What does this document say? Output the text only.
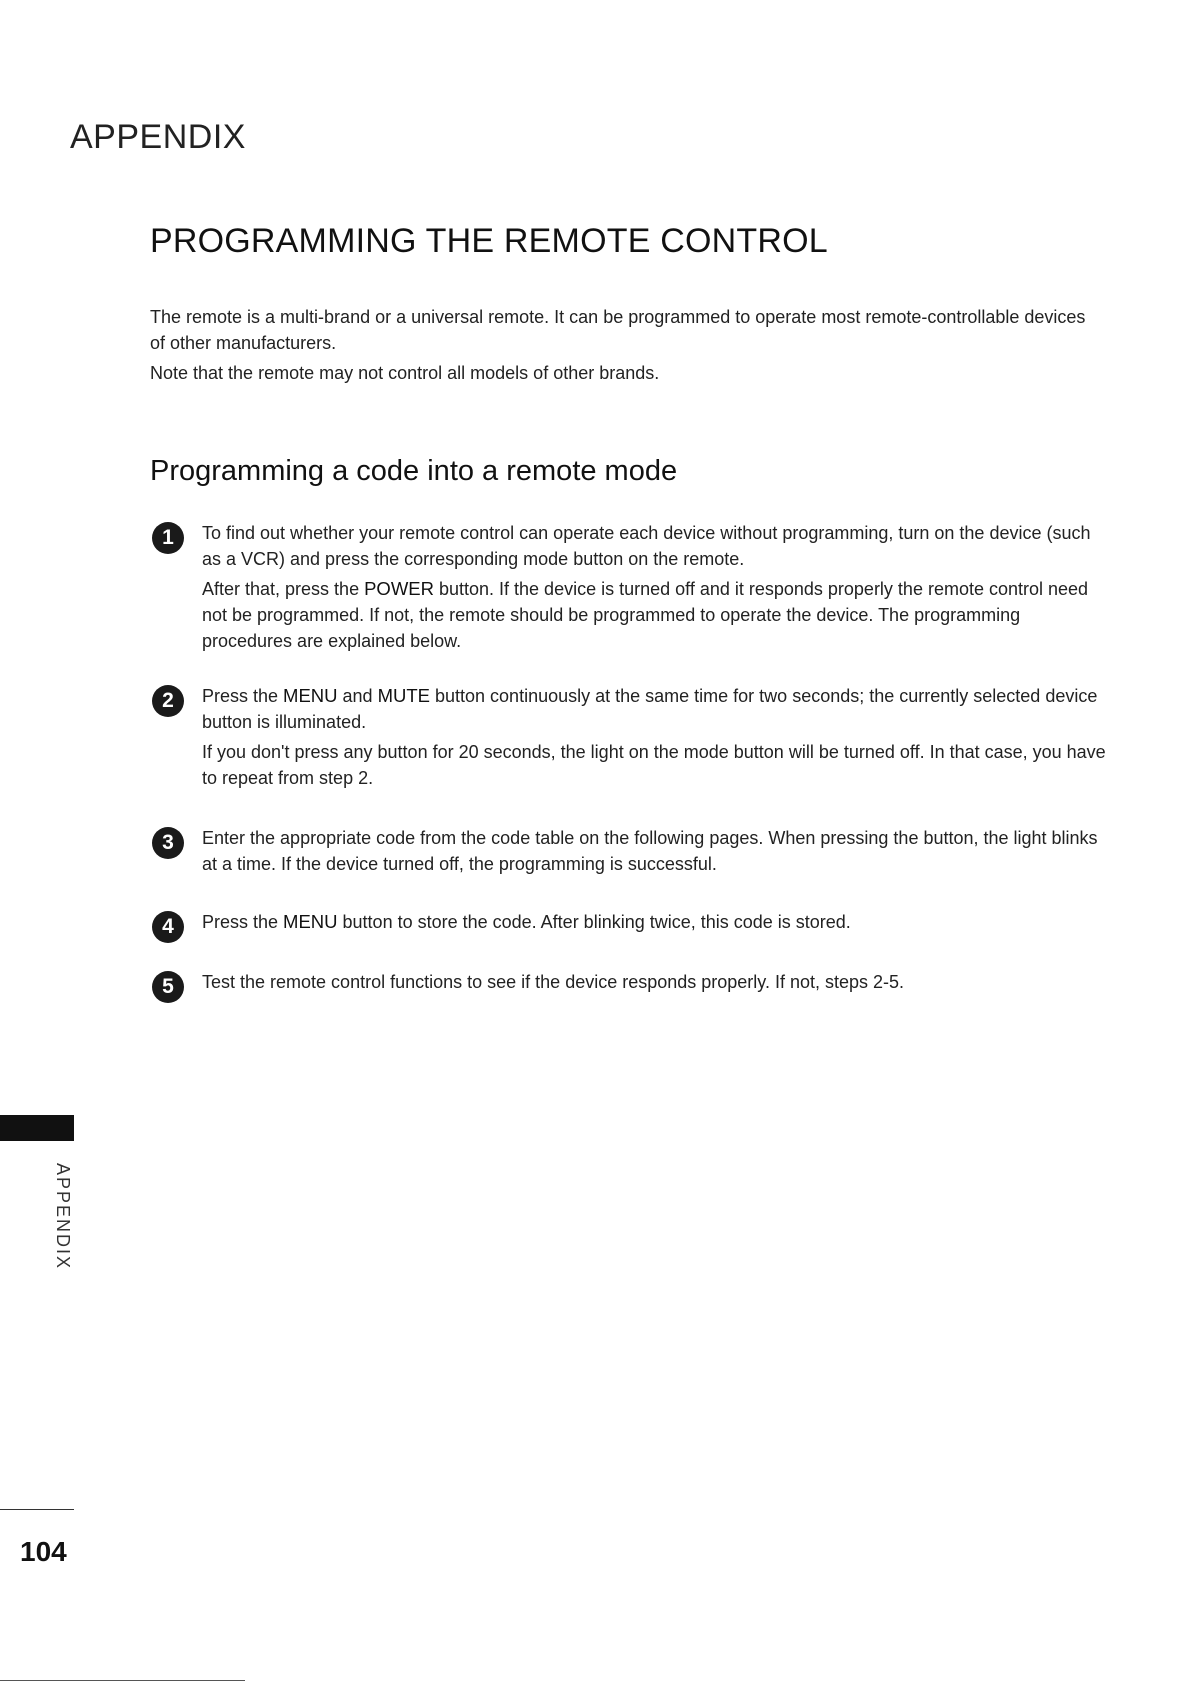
APPENDIX
PROGRAMMING THE REMOTE CONTROL

The remote is a multi-brand or a universal remote. It can be programmed to operate most remote-controllable devices of other manufacturers.

Note that the remote may not control all models of other brands.

Programming a code into a remote mode
1	To find out whether your remote control can operate each device without programming, turn on the device (such as a VCR) and press the corresponding mode button on the remote.

After that, press the POWER button. If the device is turned off and it responds properly the remote control need not be programmed. If not, the remote should be programmed to operate the device. The programming procedures are explained below.

2	Press the MENU and MUTE button continuously at the same time for two seconds; the currently selected device button is illuminated.

If you don't press any button for 20 seconds, the light on the mode button will be turned off. In that case, you have to repeat from step 2.

3	Enter the appropriate code from the code table on the following pages. When pressing the button, the light blinks at a time. If the device turned off, the programming is successful.

4	Press the MENU button to store the code. After blinking twice, this code is stored.

5	Test the remote control functions to see if the device responds properly. If not, steps 2-5.

APPENDIX
104
